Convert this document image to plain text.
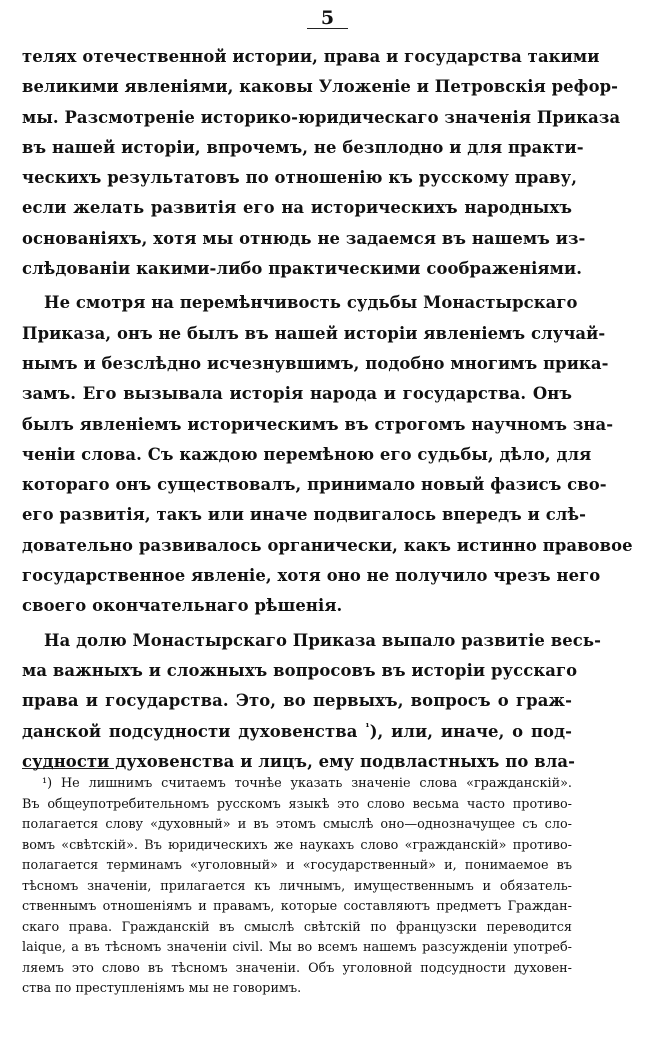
5
телях отечественной истории, права и государства такими
великими явленiями, каковы Уложенiе и Петровскiя рефор-
мы. Разсмотренiе историко-юридическаго значенiя Приказа
въ нашей исторiи, впрочемъ, не безплодно и для практи-
ческихъ результатовъ по отношенiю къ русскому праву,
если желать развитiя его на историческихъ народныхъ
основанiяхъ, хотя мы отнюдь не задаемся въ нашемъ из-
слѣдованiи какими-либо практическими соображенiями.
Не смотря на перемѣнчивость судьбы Монастырскаго
Приказа, онъ не былъ въ нашей исторiи явленiемъ случай-
нымъ и безслѣдно исчезнувшимъ, подобно многимъ прика-
замъ. Его вызывала исторiя народа и государства. Онъ
былъ явленiемъ историческимъ въ строгомъ научномъ зна-
ченiи слова. Съ каждою перемѣною его судьбы, дѣло, для
котораго онъ существовалъ, принимало новый фазисъ сво-
его развитiя, такъ или иначе подвигалось впередъ и слѣ-
довательно развивалось органически, какъ истинно правовое
государственное явленiе, хотя оно не получило чрезъ него
своего окончательнаго рѣшенiя.
На долю Монастырскаго Приказа выпало развитiе весь-
ма важныхъ и сложныхъ вопросовъ въ исторiи русскаго
права и государства. Это, во первыхъ, вопросъ о граж-
данской подсудности духовенства $^{^1}$), или, иначе, о под-
судности духовенства и лицъ, ему подвластныхъ по вла-
¹) Не лишнимъ считаемъ точнѣе указать значенiе слова «гражданскiй».
Въ общеупотребительномъ русскомъ языкѣ это слово весьма часто противо-
полагается слову «духовный» и въ этомъ смыслѣ оно—однозначущее съ сло-
вомъ «свѣтскiй». Въ юридическихъ же наукахъ слово «гражданскiй» противо-
полагается терминамъ «уголовный» и «государственный» и, понимаемое въ
тѣсномъ значенiи, прилагается къ личнымъ, имущественнымъ и обязатель-
ственнымъ отношенiямъ и правамъ, которые составляютъ предметъ Граждан-
скаго права. Гражданскiй въ смыслѣ свѣтскiй по французски переводится
laique, а въ тѣсномъ значенiи civil. Мы во всемъ нашемъ разсужденiи употреб-
ляемъ это слово въ тѣсномъ значенiи. Объ уголовной подсудности духовен-
ства по преступленiямъ мы не говоримъ.
